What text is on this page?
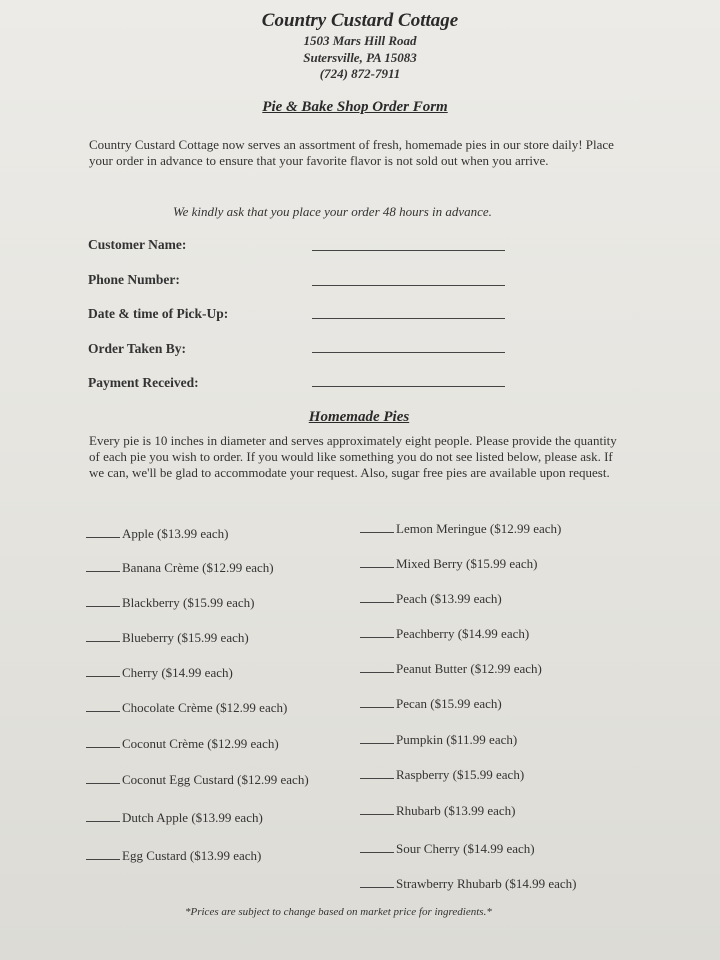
Country Custard Cottage
1503 Mars Hill Road
Sutersville, PA 15083
(724) 872-7911
Pie & Bake Shop Order Form
Country Custard Cottage now serves an assortment of fresh, homemade pies in our store daily! Place your order in advance to ensure that your favorite flavor is not sold out when you arrive.
We kindly ask that you place your order 48 hours in advance.
Customer Name:
Phone Number:
Date & time of Pick-Up:
Order Taken By:
Payment Received:
Homemade Pies
Every pie is 10 inches in diameter and serves approximately eight people. Please provide the quantity of each pie you wish to order. If you would like something you do not see listed below, please ask. If we can, we'll be glad to accommodate your request. Also, sugar free pies are available upon request.
Apple ($13.99 each)
Banana Crème ($12.99 each)
Blackberry ($15.99 each)
Blueberry ($15.99 each)
Cherry ($14.99 each)
Chocolate Crème ($12.99 each)
Coconut Crème ($12.99 each)
Coconut Egg Custard ($12.99 each)
Dutch Apple ($13.99 each)
Egg Custard ($13.99 each)
Lemon Meringue ($12.99 each)
Mixed Berry ($15.99 each)
Peach ($13.99 each)
Peachberry ($14.99 each)
Peanut Butter ($12.99 each)
Pecan ($15.99 each)
Pumpkin ($11.99 each)
Raspberry ($15.99 each)
Rhubarb ($13.99 each)
Sour Cherry ($14.99 each)
Strawberry Rhubarb ($14.99 each)
*Prices are subject to change based on market price for ingredients.*
